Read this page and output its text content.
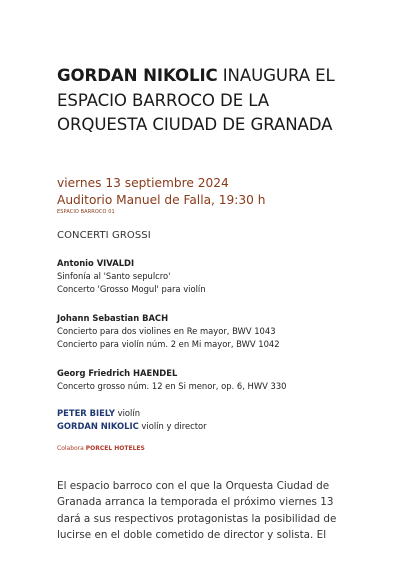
GORDAN NIKOLIC INAUGURA EL ESPACIO BARROCO DE LA ORQUESTA CIUDAD DE GRANADA
viernes 13 septiembre 2024
Auditorio Manuel de Falla, 19:30 h
ESPACIO BARROCO 01
CONCERTI GROSSI
Antonio VIVALDI
Sinfonía al 'Santo sepulcro'
Concerto 'Grosso Mogul' para violín
Johann Sebastian BACH
Concierto para dos violines en Re mayor, BWV 1043
Concierto para violín núm. 2 en Mi mayor, BWV 1042
Georg Friedrich HAENDEL
Concerto grosso núm. 12 en Si menor, op. 6, HWV 330
PETER BIELY violín
GORDAN NIKOLIC violín y director
Colabora PORCEL HOTELES

El espacio barroco con el que la Orquesta Ciudad de Granada arranca la temporada el próximo viernes 13 dará a sus respectivos protagonistas la posibilidad de lucirse en el doble cometido de director y solista. El
